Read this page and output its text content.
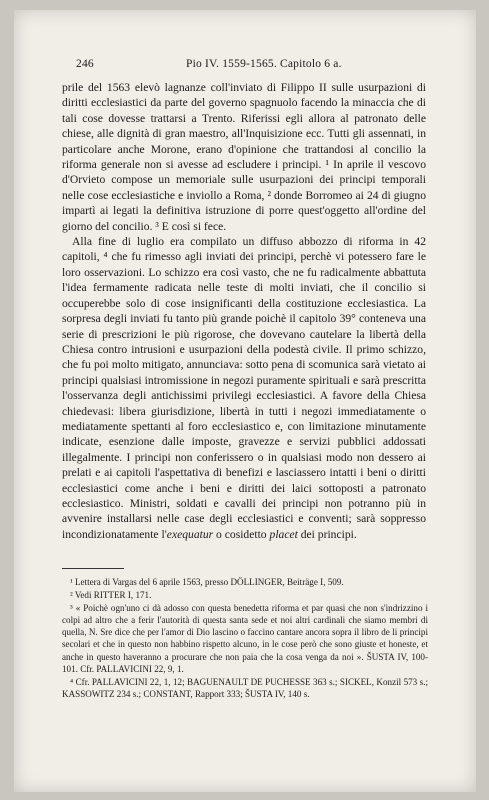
246	Pio IV. 1559-1565. Capitolo 6 a.

prile del 1563 elevò lagnanze coll'inviato di Filippo II sulle usurpazioni di diritti ecclesiastici da parte del governo spagnuolo facendo la minaccia che di tali cose dovesse trattarsi a Trento. Riferissi egli allora al patronato delle chiese, alle dignità di gran maestro, all'Inquisizione ecc. Tutti gli assennati, in particolare anche Morone, erano d'opinione che trattandosi al concilio la riforma generale non si avesse ad escludere i principi. ¹ In aprile il vescovo d'Orvieto compose un memoriale sulle usurpazioni dei principi temporali nelle cose ecclesiastiche e inviollo a Roma, ² donde Borromeo ai 24 di giugno impartì ai legati la definitiva istruzione di porre quest'oggetto all'ordine del giorno del concilio. ³ E così si fece.

Alla fine di luglio era compilato un diffuso abbozzo di riforma in 42 capitoli, ⁴ che fu rimesso agli inviati dei principi, perchè vi potessero fare le loro osservazioni. Lo schizzo era così vasto, che ne fu radicalmente abbattuta l'idea fermamente radicata nelle teste di molti inviati, che il concilio si occuperebbe solo di cose insignificanti della costituzione ecclesiastica. La sorpresa degli inviati fu tanto più grande poichè il capitolo 39° conteneva una serie di prescrizioni le più rigorose, che dovevano cautelare la libertà della Chiesa contro intrusioni e usurpazioni della podestà civile. Il primo schizzo, che fu poi molto mitigato, annunciava: sotto pena di scomunica sarà vietato ai principi qualsiasi intromissione in negozi puramente spirituali e sarà prescritta l'osservanza degli antichissimi privilegi ecclesiastici. A favore della Chiesa chiedevasi: libera giurisdizione, libertà in tutti i negozi immediatamente o mediatamente spettanti al foro ecclesiastico e, con limitazione minutamente indicate, esenzione dalle imposte, gravezze e servizi pubblici addossati illegalmente. I principi non conferissero o in qualsiasi modo non dessero ai prelati e ai capitoli l'aspettativa di benefizi e lasciassero intatti i beni o diritti ecclesiastici come anche i beni e diritti dei laici sottoposti a patronato ecclesiastico. Ministri, soldati e cavalli dei principi non potranno più in avvenire installarsi nelle case degli ecclesiastici e conventi; sarà soppresso incondizionatamente l'exequatur o cosidetto placet dei principi.

¹ Lettera di Vargas del 6 aprile 1563, presso DÖLLINGER, Beiträge I, 509.

² Vedi RITTER I, 171.

³ « Poichè ogn'uno ci dà adosso con questa benedetta riforma et par quasi che non s'indrizzino i colpi ad altro che a ferir l'autorità di questa santa sede et noi altri cardinali che siamo membri di quella, N. Sre dice che per l'amor di Dio lascino o faccino cantare ancora sopra il libro de li principi secolari et che in questo non habbino rispetto alcuno, in le cose però che sono giuste et honeste, et anche in questo haveranno a procurare che non paia che la cosa venga da noi ». ŠUSTA IV, 100-101. Cfr. PALLAVICINI 22, 9, 1.

⁴ Cfr. PALLAVICINI 22, 1, 12; BAGUENAULT DE PUCHESSE 363 s.; SICKEL, Konzil 573 s.; KASSOWITZ 234 s.; CONSTANT, Rapport 333; ŠUSTA IV, 140 s.
